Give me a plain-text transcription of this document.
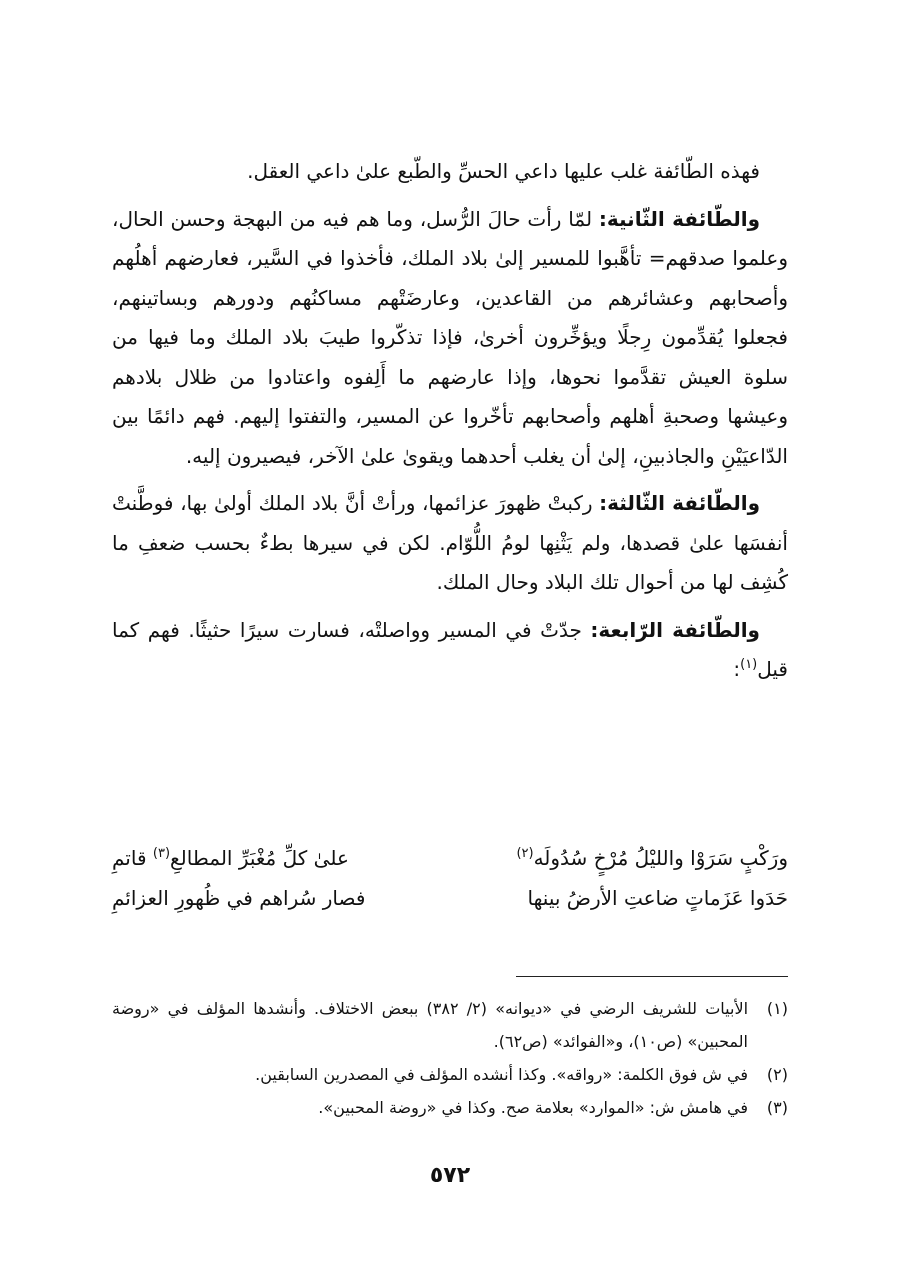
فهذه الطّائفة غلب عليها داعي الحسِّ والطّبع علىٰ داعي العقل.

والطّائفة الثّانية: لمّا رأت حالَ الرُّسل، وما هم فيه من البهجة وحسن الحال، وعلموا صدقهم= تأهَّبوا للمسير إلىٰ بلاد الملك، فأخذوا في السَّير، فعارضهم أهلُهم وأصحابهم وعشائرهم من القاعدين، وعارضَتْهم مساكنُهم ودورهم وبساتينهم، فجعلوا يُقدِّمون رِجلًا ويؤخِّرون أخرىٰ، فإذا تذكّروا طيبَ بلاد الملك وما فيها من سلوة العيش تقدَّموا نحوها، وإذا عارضهم ما أَلِفوه واعتادوا من ظلال بلادهم وعيشها وصحبةِ أهلهم وأصحابهم تأخّروا عن المسير، والتفتوا إليهم. فهم دائمًا بين الدّاعيَيْنِ والجاذبينِ، إلىٰ أن يغلب أحدهما ويقوىٰ علىٰ الآخر، فيصيرون إليه.

والطّائفة الثّالثة: ركبتْ ظهورَ عزائمها، ورأتْ أنَّ بلاد الملك أولىٰ بها، فوطَّنتْ أنفسَها علىٰ قصدها، ولم يَثْنِها لومُ اللُّوّام. لكن في سيرها بطءٌ بحسب ضعفِ ما كُشِف لها من أحوال تلك البلاد وحال الملك.

والطّائفة الرّابعة: جدّتْ في المسير وواصلتْه، فسارت سيرًا حثيثًا. فهم كما قيل$^{(١)}$:

ورَكْبٍ سَرَوْا والليْلُ مُرْخٍ سُدُولَه$^{(٢)}$
علىٰ كلِّ مُغْبَرِّ المطالعِ$^{(٣)}$ قاتمِ
حَدَوا عَزَماتٍ ضاعتِ الأرضُ بينها
فصار سُراهم في ظُهورِ العزائمِ
(١)
الأبيات للشريف الرضي في «ديوانه» (٢/ ٣٨٢) ببعض الاختلاف. وأنشدها المؤلف في «روضة المحبين» (ص١٠)، و«الفوائد» (ص٦٢).
(٢)
في ش فوق الكلمة: «رواقه». وكذا أنشده المؤلف في المصدرين السابقين.
(٣)
في هامش ش: «الموارد» بعلامة صح. وكذا في «روضة المحبين».
٥٧٢
